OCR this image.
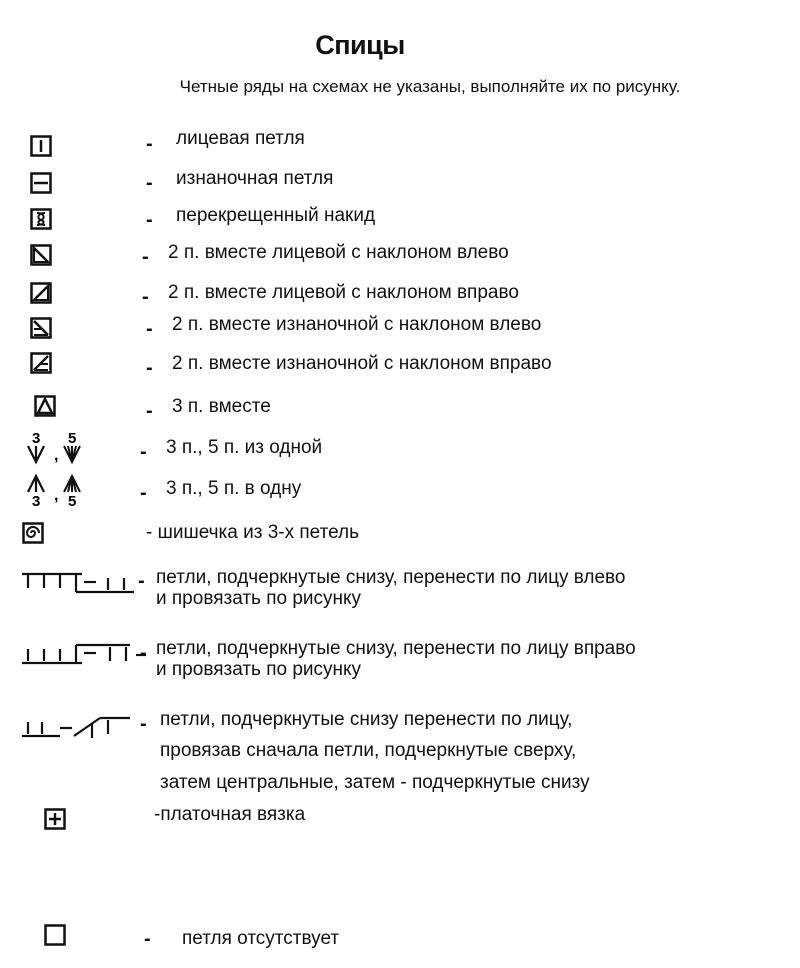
Спицы
Четные ряды на схемах не указаны, выполняйте их по рисунку.
- лицевая петля
- изнаночная петля
- перекрещенный накид
- 2 п. вместе лицевой с наклоном влево
- 2 п. вместе лицевой с наклоном вправо
- 2 п. вместе изнаночной с наклоном влево
- 2 п. вместе изнаночной с наклоном вправо
- 3 п. вместе
3
,
5
- 3 п., 5 п. из одной
3 , 5	- 3 п., 5 п. в одну
- шишечка из 3-х петель
- петли, подчеркнутые снизу, перенести по лицу влево
и провязать по рисунку
- петли, подчеркнутые снизу, перенести по лицу вправо
и провязать по рисунку
- петли, подчеркнутые снизу перенести по лицу,
провязав сначала петли, подчеркнутые сверху,
затем центральные, затем - подчеркнутые снизу
-платочная вязка
- петля отсутствует
